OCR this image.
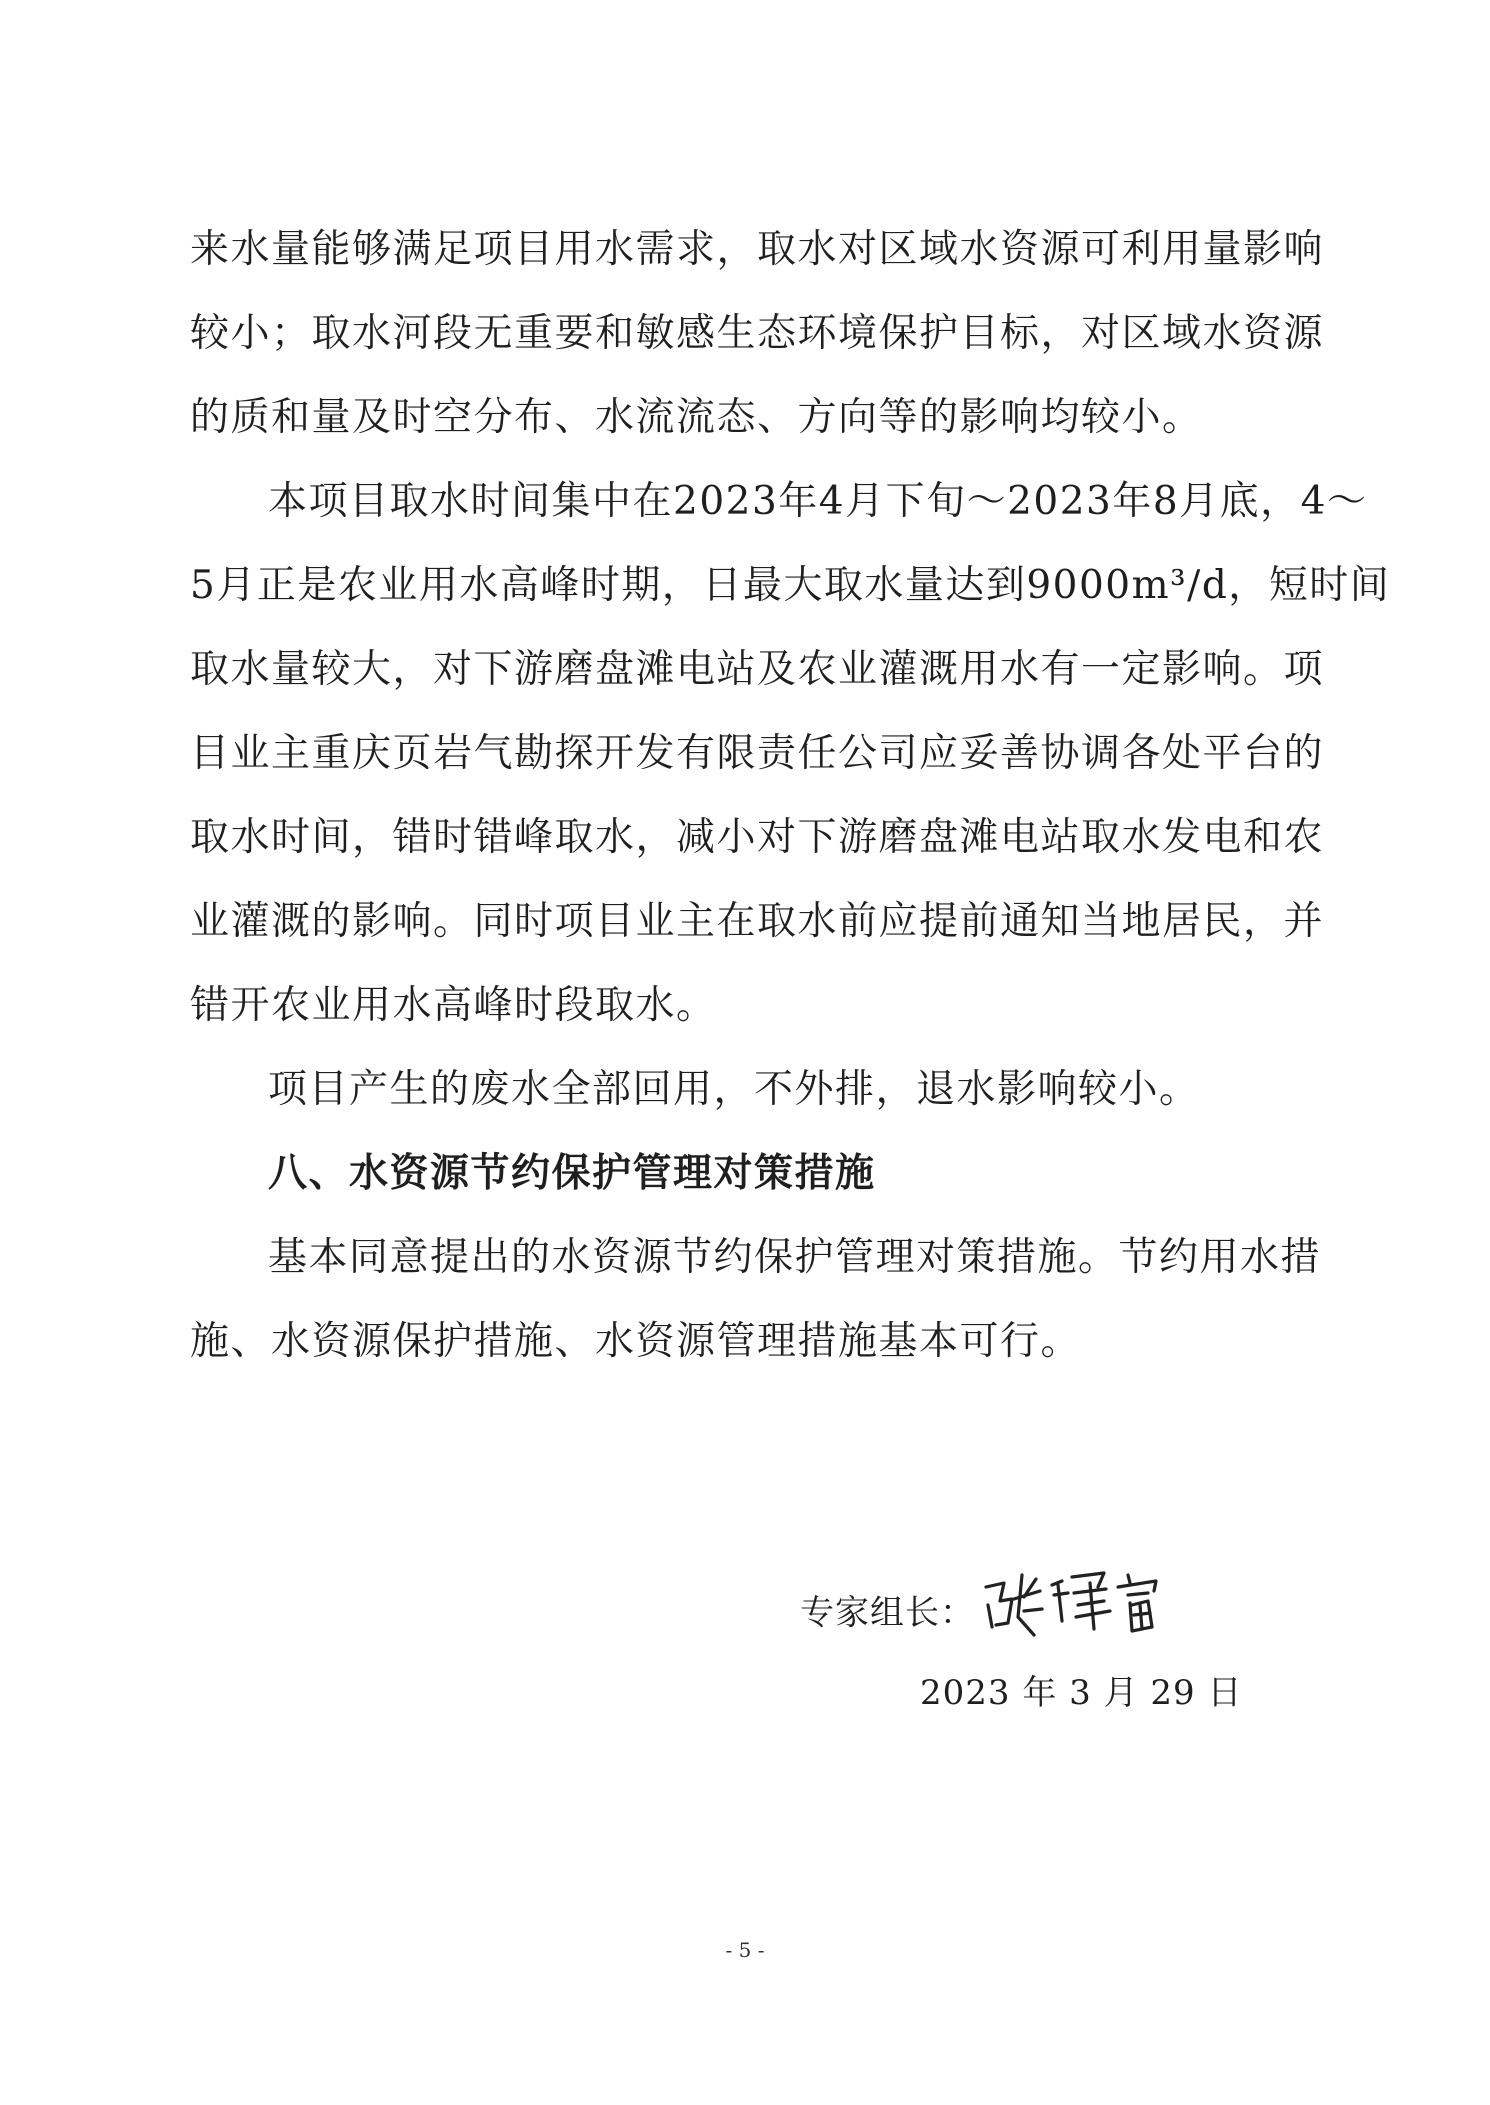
来水量能够满足项目用水需求，取水对区域水资源可利用量影响
较小；取水河段无重要和敏感生态环境保护目标，对区域水资源
的质和量及时空分布、水流流态、方向等的影响均较小。
本项目取水时间集中在2023年4月下旬～2023年8月底，4～
5月正是农业用水高峰时期，日最大取水量达到9000m³/d，短时间
取水量较大，对下游磨盘滩电站及农业灌溉用水有一定影响。项
目业主重庆页岩气勘探开发有限责任公司应妥善协调各处平台的
取水时间，错时错峰取水，减小对下游磨盘滩电站取水发电和农
业灌溉的影响。同时项目业主在取水前应提前通知当地居民，并
错开农业用水高峰时段取水。
项目产生的废水全部回用，不外排，退水影响较小。
八、水资源节约保护管理对策措施
基本同意提出的水资源节约保护管理对策措施。节约用水措
施、水资源保护措施、水资源管理措施基本可行。
专家组长：
2023 年 3 月 29 日
- 5 -
